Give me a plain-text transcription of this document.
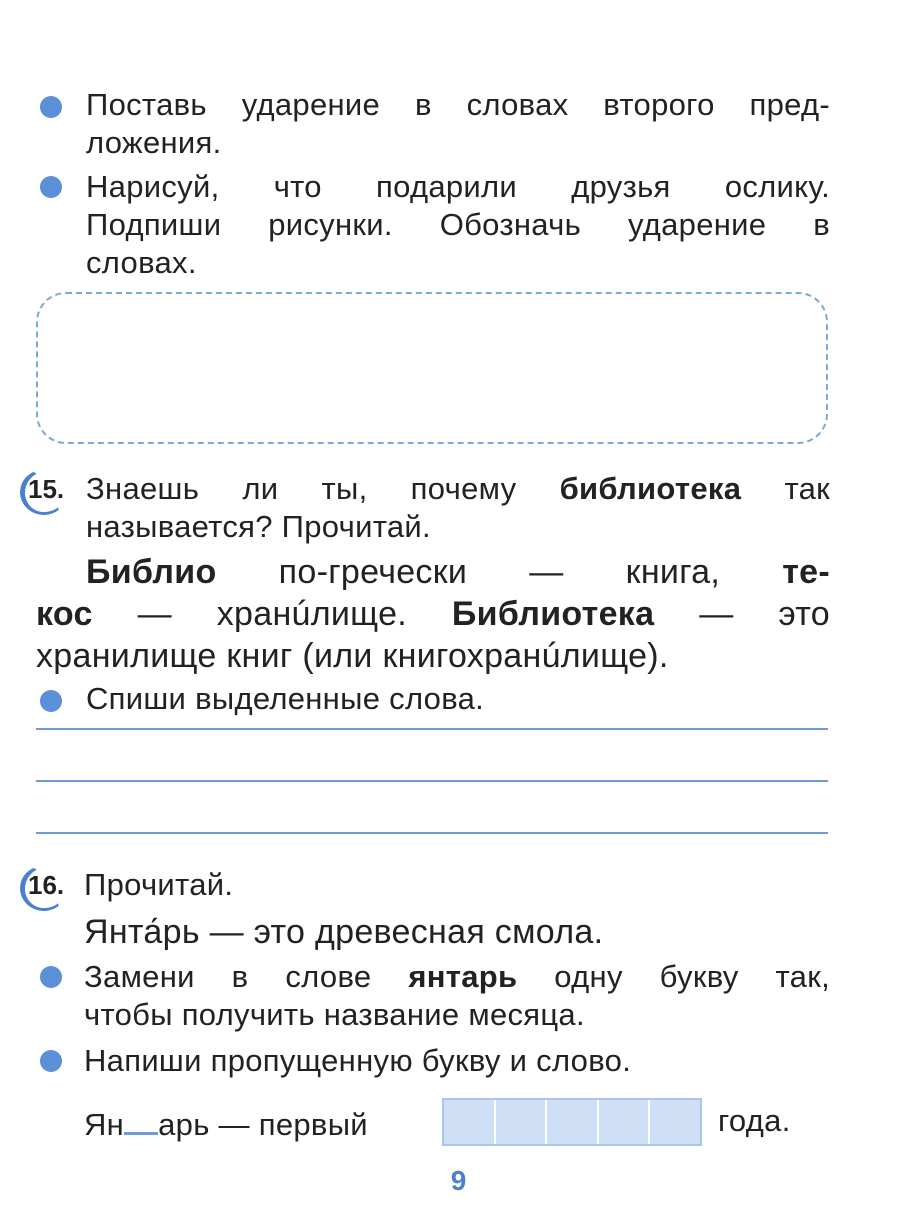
Поставь ударение в словах второго пред-
ложения.
Нарисуй, что подарили друзья ослику.
Подпиши рисунки. Обозначь ударение в
словах.
15. Знаешь ли ты, почему библиотека так
называется? Прочитай.
Библио по-гречески — книга, те-
кос — хранúлище. Библиотека — это
хранилище книг (или книгохранúлище).
Спиши выделенные слова.
16. Прочитай.
Янта́рь — это древесная смола.
Замени в слове янтарь одну букву так,
чтобы получить название месяца.
Напиши пропущенную букву и слово.
Ян арь — первый	года.
9
